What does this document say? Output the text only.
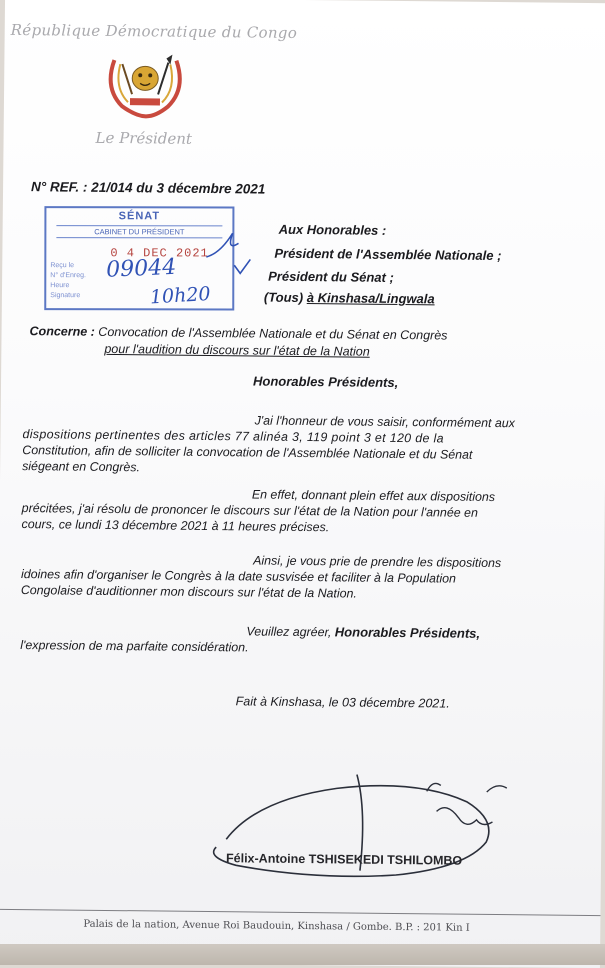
République Démocratique du Congo
Le Président
N° REF. : 21/014 du 3 décembre 2021
SÉNAT
CABINET DU PRÉSIDENT
0 4 DEC 2021
Reçu le
N° d'Enreg.
Heure
Signature
09044
10h20
Aux Honorables :
Président de l'Assemblée Nationale ;
Président du Sénat ;
(Tous) à Kinshasa/Lingwala
Concerne : Convocation de l'Assemblée Nationale et du Sénat en Congrès
pour l'audition du discours sur l'état de la Nation
Honorables Présidents,
J'ai l'honneur de vous saisir, conformément aux
dispositions pertinentes des articles 77 alinéa 3, 119 point 3 et 120 de la
Constitution, afin de solliciter la convocation de l'Assemblée Nationale et du Sénat
siégeant en Congrès.
En effet, donnant plein effet aux dispositions
précitées, j'ai résolu de prononcer le discours sur l'état de la Nation pour l'année en
cours, ce lundi 13 décembre 2021 à 11 heures précises.
Ainsi, je vous prie de prendre les dispositions
idoines afin d'organiser le Congrès à la date susvisée et faciliter à la Population
Congolaise d'auditionner mon discours sur l'état de la Nation.
Veuillez agréer, Honorables Présidents,
l'expression de ma parfaite considération.
Fait à Kinshasa, le 03 décembre 2021.
Félix-Antoine TSHISEKEDI TSHILOMBO
Palais de la nation, Avenue Roi Baudouin, Kinshasa / Gombe. B.P. : 201 Kin I
